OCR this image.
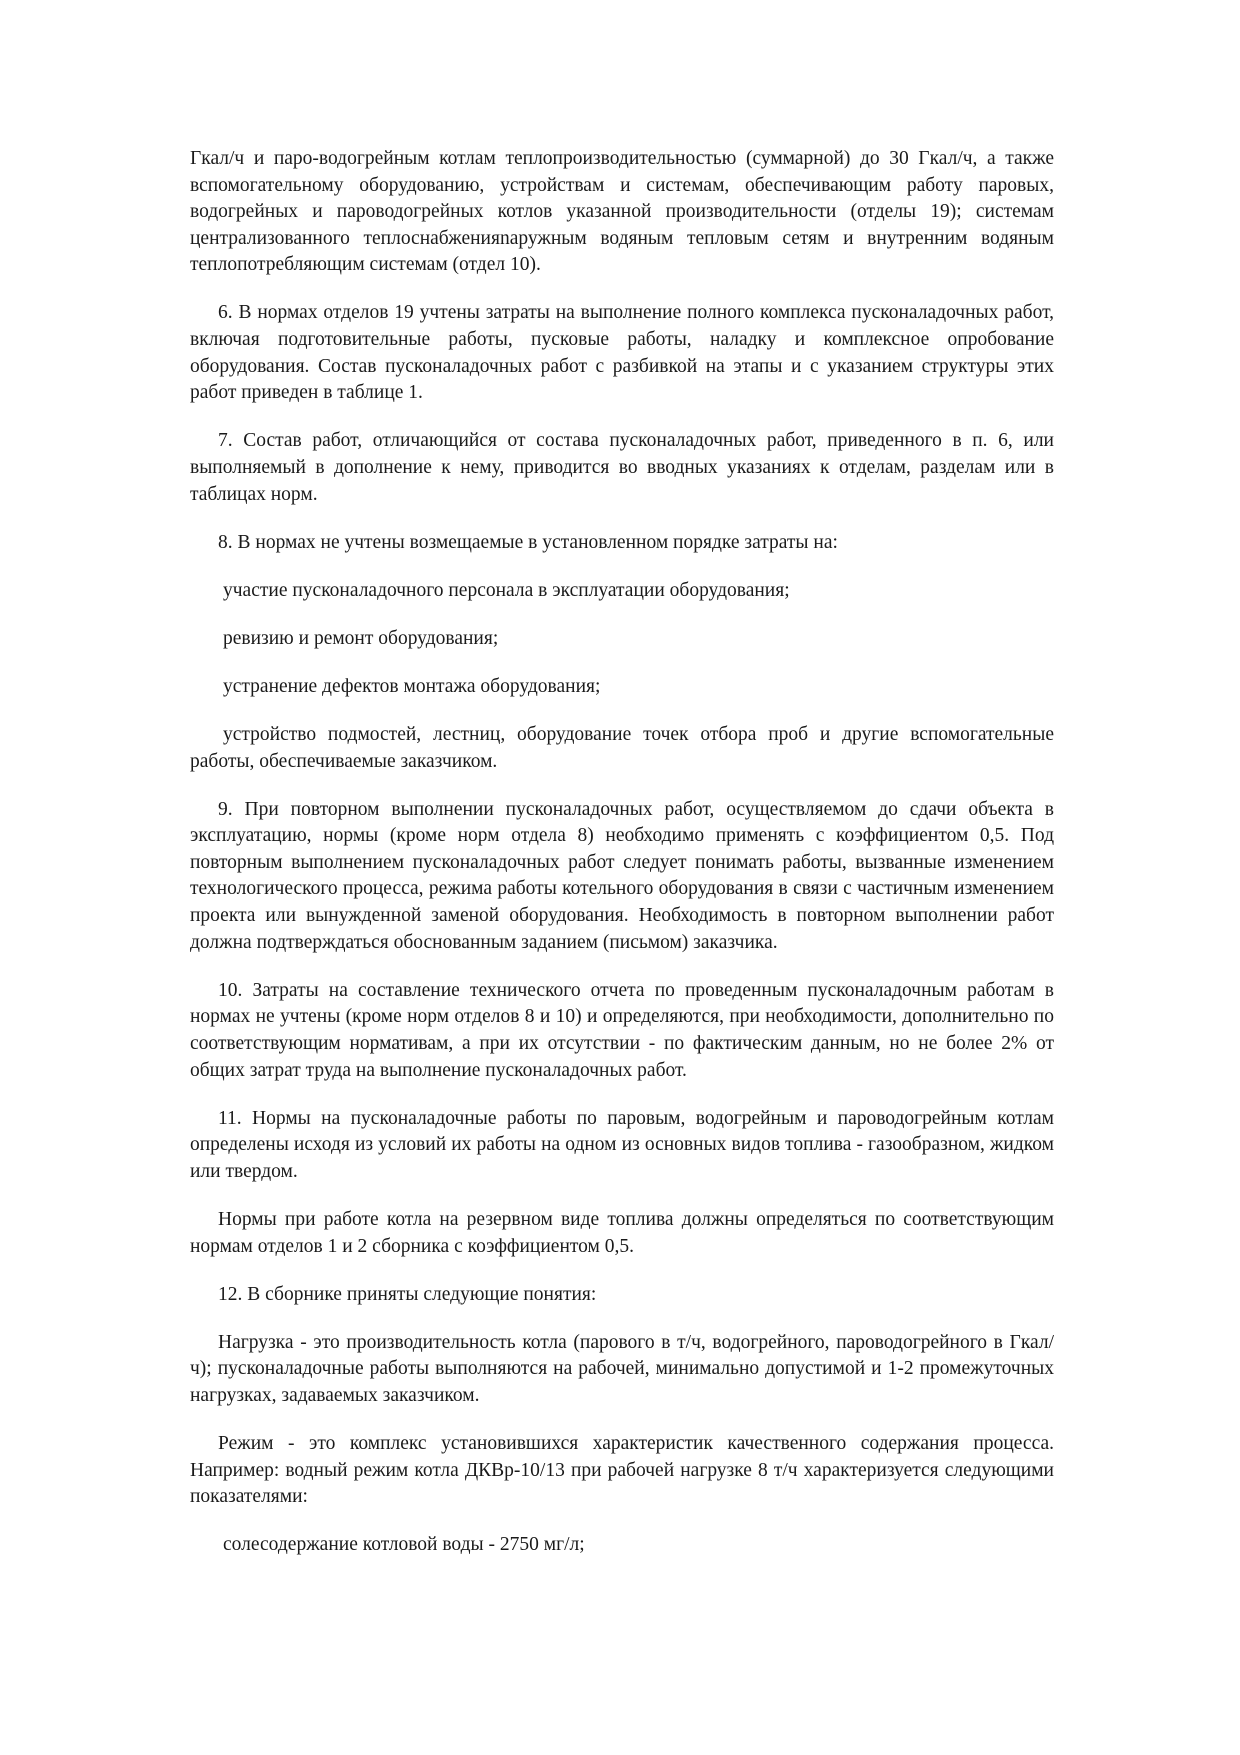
Гкал/ч и паро-водогрейным котлам теплопроизводительностью (суммарной) до 30 Гкал/ч, а также вспомогательному оборудованию, устройствам и системам, обеспечивающим работу паровых, водогрейных и пароводогрейных котлов указанной производительности (отделы 19); системам централизованного теплоснабженияnaружным водяным тепловым сетям и внутренним водяным теплопотребляющим системам (отдел 10).

6. В нормах отделов 19 учтены затраты на выполнение полного комплекса пусконаладочных работ, включая подготовительные работы, пусковые работы, наладку и комплексное опробование оборудования. Состав пусконаладочных работ с разбивкой на этапы и с указанием структуры этих работ приведен в таблице 1.

7. Состав работ, отличающийся от состава пусконаладочных работ, приведенного в п. 6, или выполняемый в дополнение к нему, приводится во вводных указаниях к отделам, разделам или в таблицах норм.

8. В нормах не учтены возмещаемые в установленном порядке затраты на:

участие пусконаладочного персонала в эксплуатации оборудования;

ревизию и ремонт оборудования;

устранение дефектов монтажа оборудования;

устройство подмостей, лестниц, оборудование точек отбора проб и другие вспомогательные работы, обеспечиваемые заказчиком.

9. При повторном выполнении пусконаладочных работ, осуществляемом до сдачи объекта в эксплуатацию, нормы (кроме норм отдела 8) необходимо применять с коэффициентом 0,5. Под повторным выполнением пусконаладочных работ следует понимать работы, вызванные изменением технологического процесса, режима работы котельного оборудования в связи с частичным изменением проекта или вынужденной заменой оборудования. Необходимость в повторном выполнении работ должна подтверждаться обоснованным заданием (письмом) заказчика.

10. Затраты на составление технического отчета по проведенным пусконаладочным работам в нормах не учтены (кроме норм отделов 8 и 10) и определяются, при необходимости, дополнительно по соответствующим нормативам, а при их отсутствии - по фактическим данным, но не более 2% от общих затрат труда на выполнение пусконаладочных работ.

11. Нормы на пусконаладочные работы по паровым, водогрейным и пароводогрейным котлам определены исходя из условий их работы на одном из основных видов топлива - газообразном, жидком или твердом.

Нормы при работе котла на резервном виде топлива должны определяться по соответствующим нормам отделов 1 и 2 сборника с коэффициентом 0,5.

12. В сборнике приняты следующие понятия:

Нагрузка - это производительность котла (парового в т/ч, водогрейного, пароводогрейного в Гкал/ч); пусконаладочные работы выполняются на рабочей, минимально допустимой и 1-2 промежуточных нагрузках, задаваемых заказчиком.

Режим - это комплекс установившихся характеристик качественного содержания процесса. Например: водный режим котла ДКВр-10/13 при рабочей нагрузке 8 т/ч характеризуется следующими показателями:

солесодержание котловой воды - 2750 мг/л;
